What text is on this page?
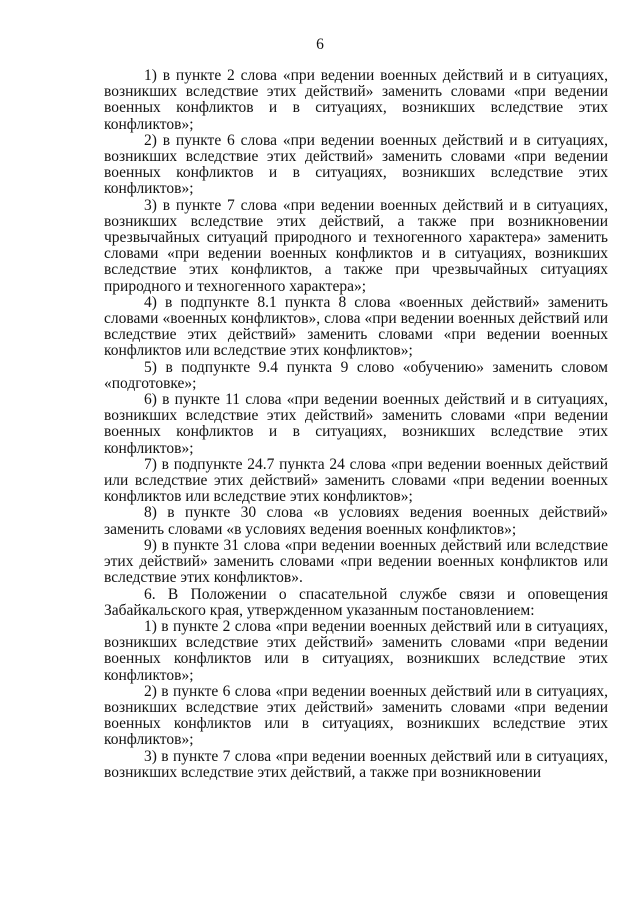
6

1) в пункте 2 слова «при ведении военных действий и в ситуациях, возникших вследствие этих действий» заменить словами «при ведении военных конфликтов и в ситуациях, возникших вследствие этих конфликтов»;

2) в пункте 6 слова «при ведении военных действий и в ситуациях, возникших вследствие этих действий» заменить словами «при ведении военных конфликтов и в ситуациях, возникших вследствие этих конфликтов»;

3) в пункте 7 слова «при ведении военных действий и в ситуациях, возникших вследствие этих действий, а также при возникновении чрезвычайных ситуаций природного и техногенного характера» заменить словами «при ведении военных конфликтов и в ситуациях, возникших вследствие этих конфликтов, а также при чрезвычайных ситуациях природного и техногенного характера»;

4) в подпункте 8.1 пункта 8 слова «военных действий» заменить словами «военных конфликтов», слова «при ведении военных действий или вследствие этих действий» заменить словами «при ведении военных конфликтов или вследствие этих конфликтов»;

5) в подпункте 9.4 пункта 9 слово «обучению» заменить словом «подготовке»;

6) в пункте 11 слова «при ведении военных действий и в ситуациях, возникших вследствие этих действий» заменить словами «при ведении военных конфликтов и в ситуациях, возникших вследствие этих конфликтов»;

7) в подпункте 24.7 пункта 24 слова «при ведении военных действий или вследствие этих действий» заменить словами «при ведении военных конфликтов или вследствие этих конфликтов»;

8) в пункте 30 слова «в условиях ведения военных действий» заменить словами «в условиях ведения военных конфликтов»;

9) в пункте 31 слова «при ведении военных действий или вследствие этих действий» заменить словами «при ведении военных конфликтов или вследствие этих конфликтов».

6. В Положении о спасательной службе связи и оповещения Забайкальского края, утвержденном указанным постановлением:

1) в пункте 2 слова «при ведении военных действий или в ситуациях, возникших вследствие этих действий» заменить словами «при ведении военных конфликтов или в ситуациях, возникших вследствие этих конфликтов»;

2) в пункте 6 слова «при ведении военных действий или в ситуациях, возникших вследствие этих действий» заменить словами «при ведении военных конфликтов или в ситуациях, возникших вследствие этих конфликтов»;

3) в пункте 7 слова «при ведении военных действий или в ситуациях, возникших вследствие этих действий, а также при возникновении
